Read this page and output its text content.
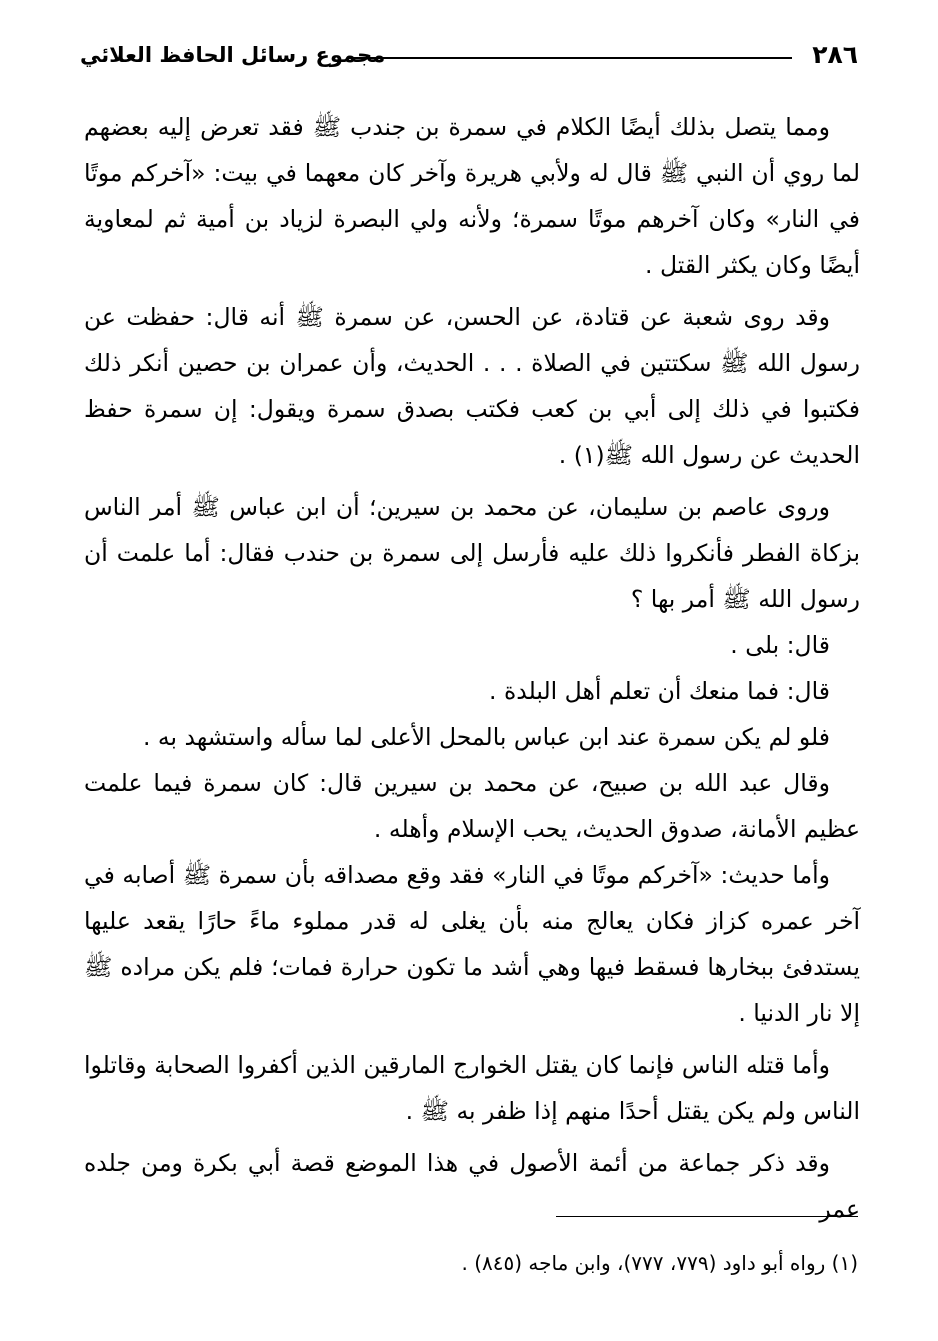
٢٨٦
مجموع رسائل الحافظ العلائي

ومما يتصل بذلك أيضًا الكلام في سمرة بن جندب ﷺ فقد تعرض إليه بعضهم لما روي أن النبي ﷺ قال له ولأبي هريرة وآخر كان معهما في بيت: «آخركم موتًا في النار» وكان آخرهم موتًا سمرة؛ ولأنه ولي البصرة لزياد بن أمية ثم لمعاوية أيضًا وكان يكثر القتل .

وقد روى شعبة عن قتادة، عن الحسن، عن سمرة ﷺ أنه قال: حفظت عن رسول الله ﷺ سكتتين في الصلاة . . . الحديث، وأن عمران بن حصين أنكر ذلك فكتبوا في ذلك إلى أبي بن كعب فكتب بصدق سمرة ويقول: إن سمرة حفظ الحديث عن رسول الله ﷺ(١) .

وروى عاصم بن سليمان، عن محمد بن سيرين؛ أن ابن عباس ﷺ أمر الناس بزكاة الفطر فأنكروا ذلك عليه فأرسل إلى سمرة بن حندب فقال: أما علمت أن رسول الله ﷺ أمر بها ؟

قال: بلى .

قال: فما منعك أن تعلم أهل البلدة .

فلو لم يكن سمرة عند ابن عباس بالمحل الأعلى لما سأله واستشهد به .

وقال عبد الله بن صبيح، عن محمد بن سيرين قال: كان سمرة فيما علمت عظيم الأمانة، صدوق الحديث، يحب الإسلام وأهله .

وأما حديث: «آخركم موتًا في النار» فقد وقع مصداقه بأن سمرة ﷺ أصابه في آخر عمره كزاز فكان يعالج منه بأن يغلى له قدر مملوء ماءً حارًا يقعد عليها يستدفئ ببخارها فسقط فيها وهي أشد ما تكون حرارة فمات؛ فلم يكن مراده ﷺ إلا نار الدنيا .

وأما قتله الناس فإنما كان يقتل الخوارج المارقين الذين أكفروا الصحابة وقاتلوا الناس ولم يكن يقتل أحدًا منهم إذا ظفر به ﷺ .

وقد ذكر جماعة من أئمة الأصول في هذا الموضع قصة أبي بكرة ومن جلده عمر

(١) رواه أبو داود (٧٧٩، ٧٧٧)، وابن ماجه (٨٤٥) .
